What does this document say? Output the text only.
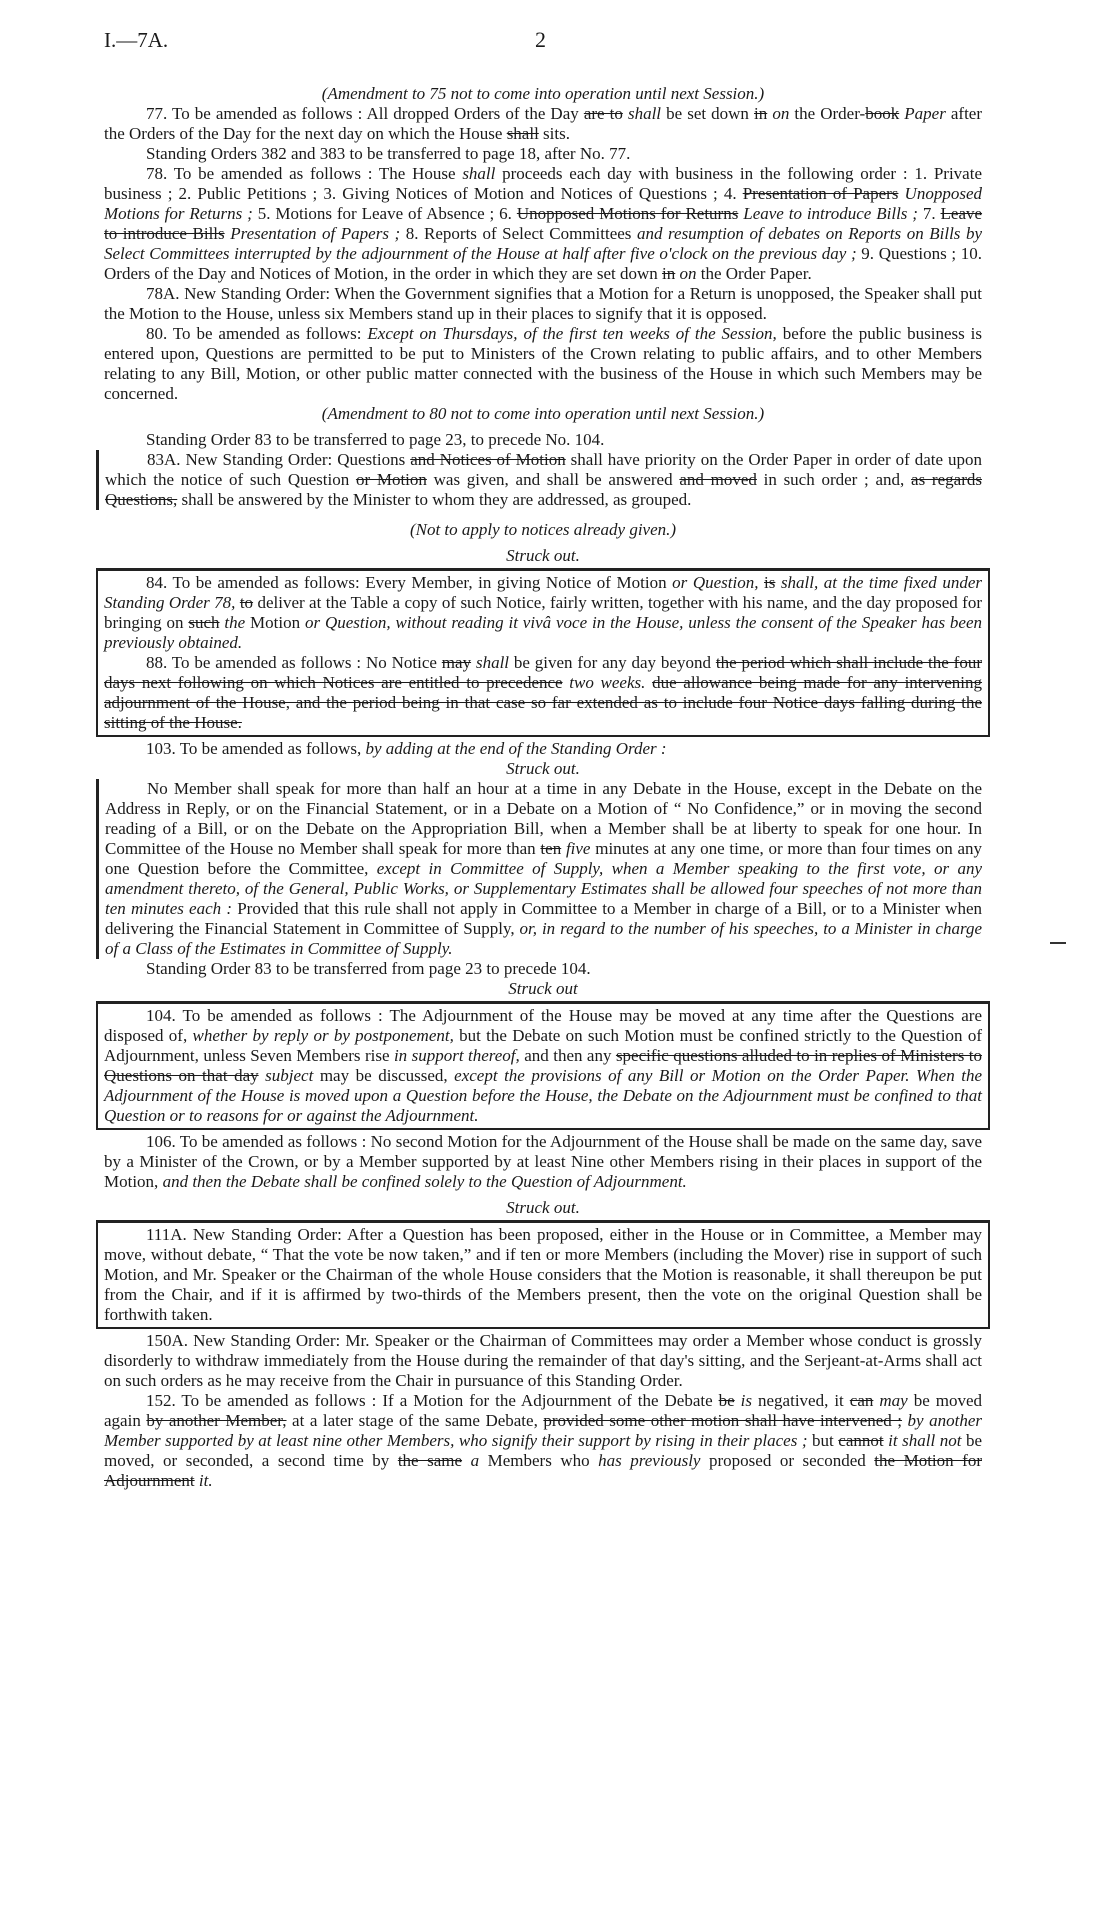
I.—7A.	2
(Amendment to 75 not to come into operation until next Session.)

77. To be amended as follows : All dropped Orders of the Day are to shall be set down in on the Order-book Paper after the Orders of the Day for the next day on which the House shall sits.

Standing Orders 382 and 383 to be transferred to page 18, after No. 77.

78. To be amended as follows : The House shall proceeds each day with business in the following order : 1. Private business ; 2. Public Petitions ; 3. Giving Notices of Motion and Notices of Questions ; 4. Presentation of Papers Unopposed Motions for Returns ; 5. Motions for Leave of Absence ; 6. Unopposed Motions for Returns Leave to introduce Bills ; 7. Leave to introduce Bills Presentation of Papers ; 8. Reports of Select Committees and resumption of debates on Reports on Bills by Select Committees interrupted by the adjournment of the House at half after five o'clock on the previous day ; 9. Questions ; 10. Orders of the Day and Notices of Motion, in the order in which they are set down in on the Order Paper.

78A. New Standing Order: When the Government signifies that a Motion for a Return is unopposed, the Speaker shall put the Motion to the House, unless six Members stand up in their places to signify that it is opposed.

80. To be amended as follows: Except on Thursdays, of the first ten weeks of the Session, before the public business is entered upon, Questions are permitted to be put to Ministers of the Crown relating to public affairs, and to other Members relating to any Bill, Motion, or other public matter connected with the business of the House in which such Members may be concerned.

(Amendment to 80 not to come into operation until next Session.)

Standing Order 83 to be transferred to page 23, to precede No. 104.

83A. New Standing Order: Questions and Notices of Motion shall have priority on the Order Paper in order of date upon which the notice of such Question or Motion was given, and shall be answered and moved in such order ; and, as regards Questions, shall be answered by the Minister to whom they are addressed, as grouped.

(Not to apply to notices already given.)
Struck out.

84. To be amended as follows: Every Member, in giving Notice of Motion or Question, is shall, at the time fixed under Standing Order 78, to deliver at the Table a copy of such Notice, fairly written, together with his name, and the day proposed for bringing on such the Motion or Question, without reading it vivâ voce in the House, unless the consent of the Speaker has been previously obtained.

88. To be amended as follows : No Notice may shall be given for any day beyond the period which shall include the four days next following on which Notices are entitled to precedence two weeks. due allowance being made for any intervening adjournment of the House, and the period being in that case so far extended as to include four Notice days falling during the sitting of the House.

103. To be amended as follows, by adding at the end of the Standing Order :

Struck out.

No Member shall speak for more than half an hour at a time in any Debate in the House, except in the Debate on the Address in Reply, or on the Financial Statement, or in a Debate on a Motion of “ No Confidence,” or in moving the second reading of a Bill, or on the Debate on the Appropriation Bill, when a Member shall be at liberty to speak for one hour. In Committee of the House no Member shall speak for more than ten five minutes at any one time, or more than four times on any one Question before the Committee, except in Committee of Supply, when a Member speaking to the first vote, or any amendment thereto, of the General, Public Works, or Supplementary Estimates shall be allowed four speeches of not more than ten minutes each : Provided that this rule shall not apply in Committee to a Member in charge of a Bill, or to a Minister when delivering the Financial Statement in Committee of Supply, or, in regard to the number of his speeches, to a Minister in charge of a Class of the Estimates in Committee of Supply.

Standing Order 83 to be transferred from page 23 to precede 104.

Struck out

104. To be amended as follows : The Adjournment of the House may be moved at any time after the Questions are disposed of, whether by reply or by postponement, but the Debate on such Motion must be confined strictly to the Question of Adjournment, unless Seven Members rise in support thereof, and then any specific questions alluded to in replies of Ministers to Questions on that day subject may be discussed, except the provisions of any Bill or Motion on the Order Paper. When the Adjournment of the House is moved upon a Question before the House, the Debate on the Adjournment must be confined to that Question or to reasons for or against the Adjournment.

106. To be amended as follows : No second Motion for the Adjournment of the House shall be made on the same day, save by a Minister of the Crown, or by a Member supported by at least Nine other Members rising in their places in support of the Motion, and then the Debate shall be confined solely to the Question of Adjournment.

Struck out.

111A. New Standing Order: After a Question has been proposed, either in the House or in Committee, a Member may move, without debate, “ That the vote be now taken,” and if ten or more Members (including the Mover) rise in support of such Motion, and Mr. Speaker or the Chairman of the whole House considers that the Motion is reasonable, it shall thereupon be put from the Chair, and if it is affirmed by two-thirds of the Members present, then the vote on the original Question shall be forthwith taken.

150A. New Standing Order: Mr. Speaker or the Chairman of Committees may order a Member whose conduct is grossly disorderly to withdraw immediately from the House during the remainder of that day's sitting, and the Serjeant-at-Arms shall act on such orders as he may receive from the Chair in pursuance of this Standing Order.

152. To be amended as follows : If a Motion for the Adjournment of the Debate be is negatived, it can may be moved again by another Member, at a later stage of the same Debate, provided some other motion shall have intervened ; by another Member supported by at least nine other Members, who signify their support by rising in their places ; but cannot it shall not be moved, or seconded, a second time by the same a Members who has previously proposed or seconded the Motion for Adjournment it.
